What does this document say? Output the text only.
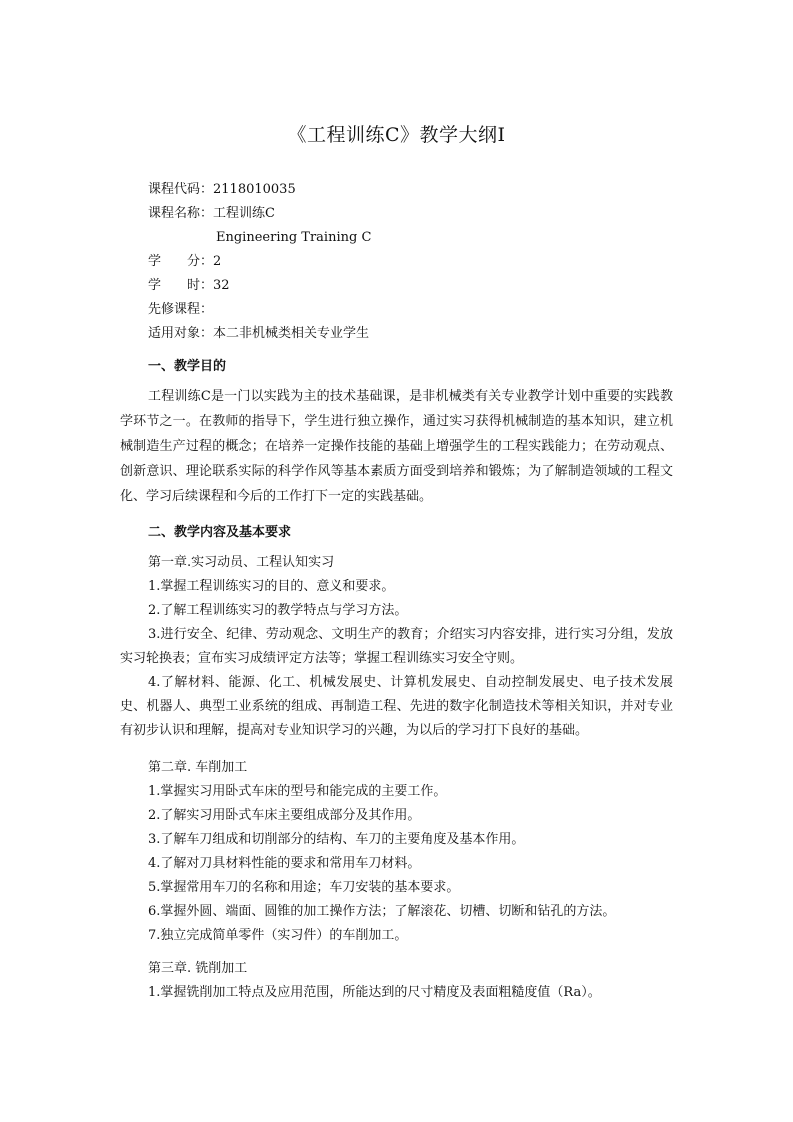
《工程训练C》教学大纲Ⅰ
课程代码：2118010035
课程名称：工程训练C
Engineering Training C
学　　分：2
学　　时：32
先修课程：
适用对象：本二非机械类相关专业学生
一、教学目的
工程训练C是一门以实践为主的技术基础课，是非机械类有关专业教学计划中重要的实践教学环节之一。在教师的指导下，学生进行独立操作，通过实习获得机械制造的基本知识，建立机械制造生产过程的概念；在培养一定操作技能的基础上增强学生的工程实践能力；在劳动观点、创新意识、理论联系实际的科学作风等基本素质方面受到培养和锻炼；为了解制造领域的工程文化、学习后续课程和今后的工作打下一定的实践基础。
二、教学内容及基本要求
第一章.实习动员、工程认知实习
1.掌握工程训练实习的目的、意义和要求。
2.了解工程训练实习的教学特点与学习方法。
3.进行安全、纪律、劳动观念、文明生产的教育；介绍实习内容安排，进行实习分组，发放实习轮换表；宣布实习成绩评定方法等；掌握工程训练实习安全守则。
4.了解材料、能源、化工、机械发展史、计算机发展史、自动控制发展史、电子技术发展史、机器人、典型工业系统的组成、再制造工程、先进的数字化制造技术等相关知识，并对专业有初步认识和理解，提高对专业知识学习的兴趣，为以后的学习打下良好的基础。
第二章. 车削加工
1.掌握实习用卧式车床的型号和能完成的主要工作。
2.了解实习用卧式车床主要组成部分及其作用。
3.了解车刀组成和切削部分的结构、车刀的主要角度及基本作用。
4.了解对刀具材料性能的要求和常用车刀材料。
5.掌握常用车刀的名称和用途；车刀安装的基本要求。
6.掌握外圆、端面、圆锥的加工操作方法；了解滚花、切槽、切断和钻孔的方法。
7.独立完成简单零件（实习件）的车削加工。
第三章. 铣削加工
1.掌握铣削加工特点及应用范围，所能达到的尺寸精度及表面粗糙度值（Ra）。
